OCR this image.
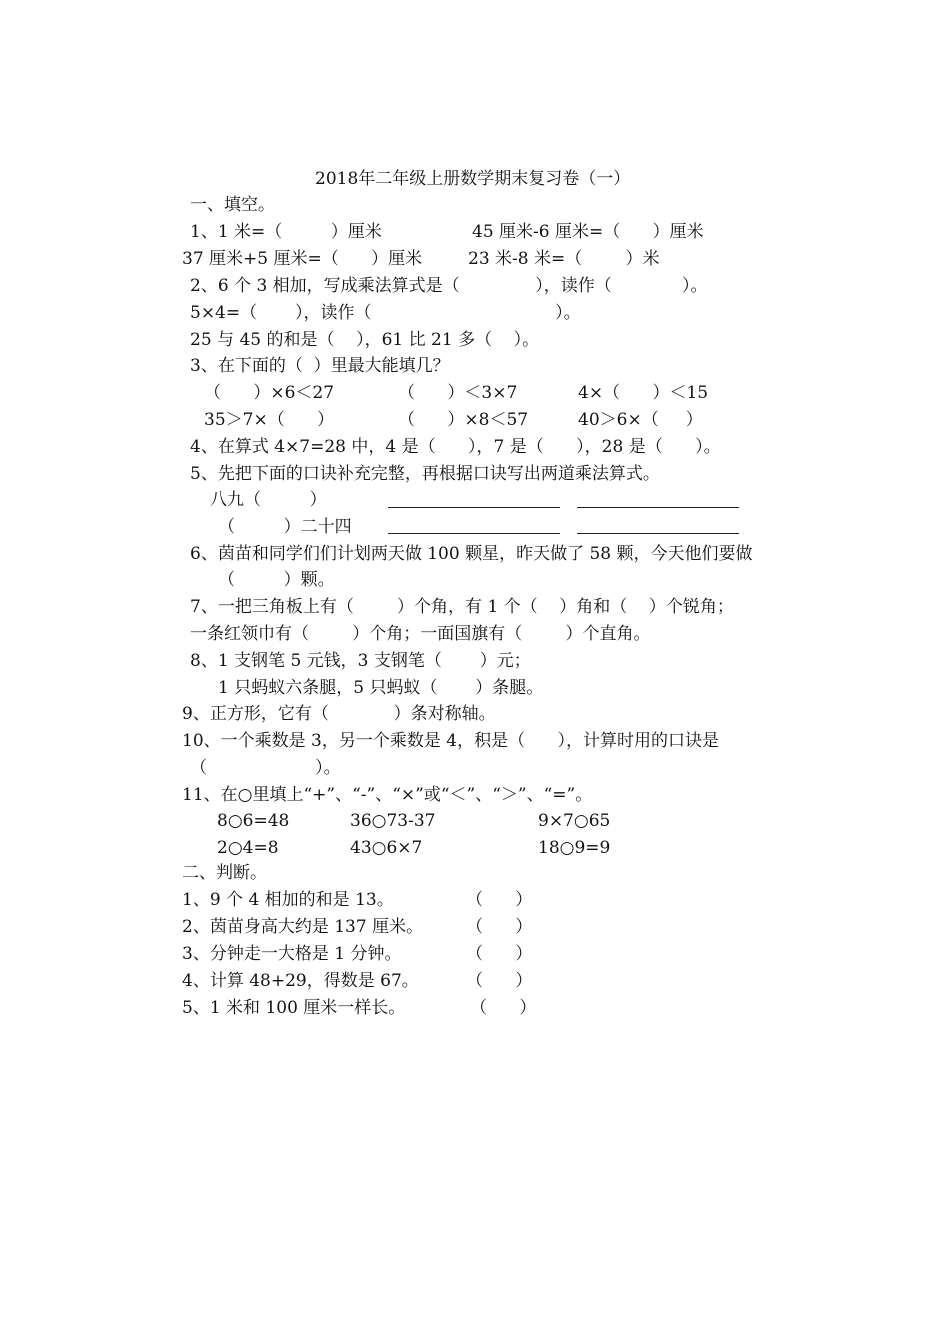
2018年二年级上册数学期末复习卷（一）
一、填空。
1、1 米=（         ）厘米	45 厘米-6 厘米=（      ）厘米
37 厘米+5 厘米=（      ）厘米	23 米-8 米=（        ）米
2、6 个 3 相加，写成乘法算式是（              ），读作（             ）。
5×4=（       ），读作（                                  ）。
25 与 45 的和是（    ），61 比 21 多（    ）。
3、在下面的（  ）里最大能填几？
（      ）×6＜27	（      ）＜3×7	4×（      ）＜15
35＞7×（      ）	（      ）×8＜57	40＞6×（     ）
4、在算式 4×7=28 中，4 是（      ），7 是（      ），28 是（      ）。
5、先把下面的口诀补充完整，再根据口诀写出两道乘法算式。
八九（         ）
（         ）二十四
6、茵苗和同学们们计划两天做 100 颗星，昨天做了 58 颗，今天他们要做
（         ）颗。
7、一把三角板上有（        ）个角，有 1 个（    ）角和（    ）个锐角；
一条红领巾有（        ）个角；一面国旗有（        ）个直角。
8、1 支钢笔 5 元钱，3 支钢笔（       ）元；
1 只蚂蚁六条腿，5 只蚂蚁（       ）条腿。
9、正方形，它有（            ）条对称轴。
10、一个乘数是 3，另一个乘数是 4，积是（      ），计算时用的口诀是
（                    ）。
11、在○里填上“+”、“-”、“×”或“＜”、“＞”、“=”。
8○6=48	36○73-37	9×7○65
2○4=8	43○6×7	18○9=9
二、判断。
1、9 个 4 相加的和是 13。	（      ）
2、茵苗身高大约是 137 厘米。	（      ）
3、分钟走一大格是 1 分钟。	（      ）
4、计算 48+29，得数是 67。	（      ）
5、1 米和 100 厘米一样长。	（      ）
